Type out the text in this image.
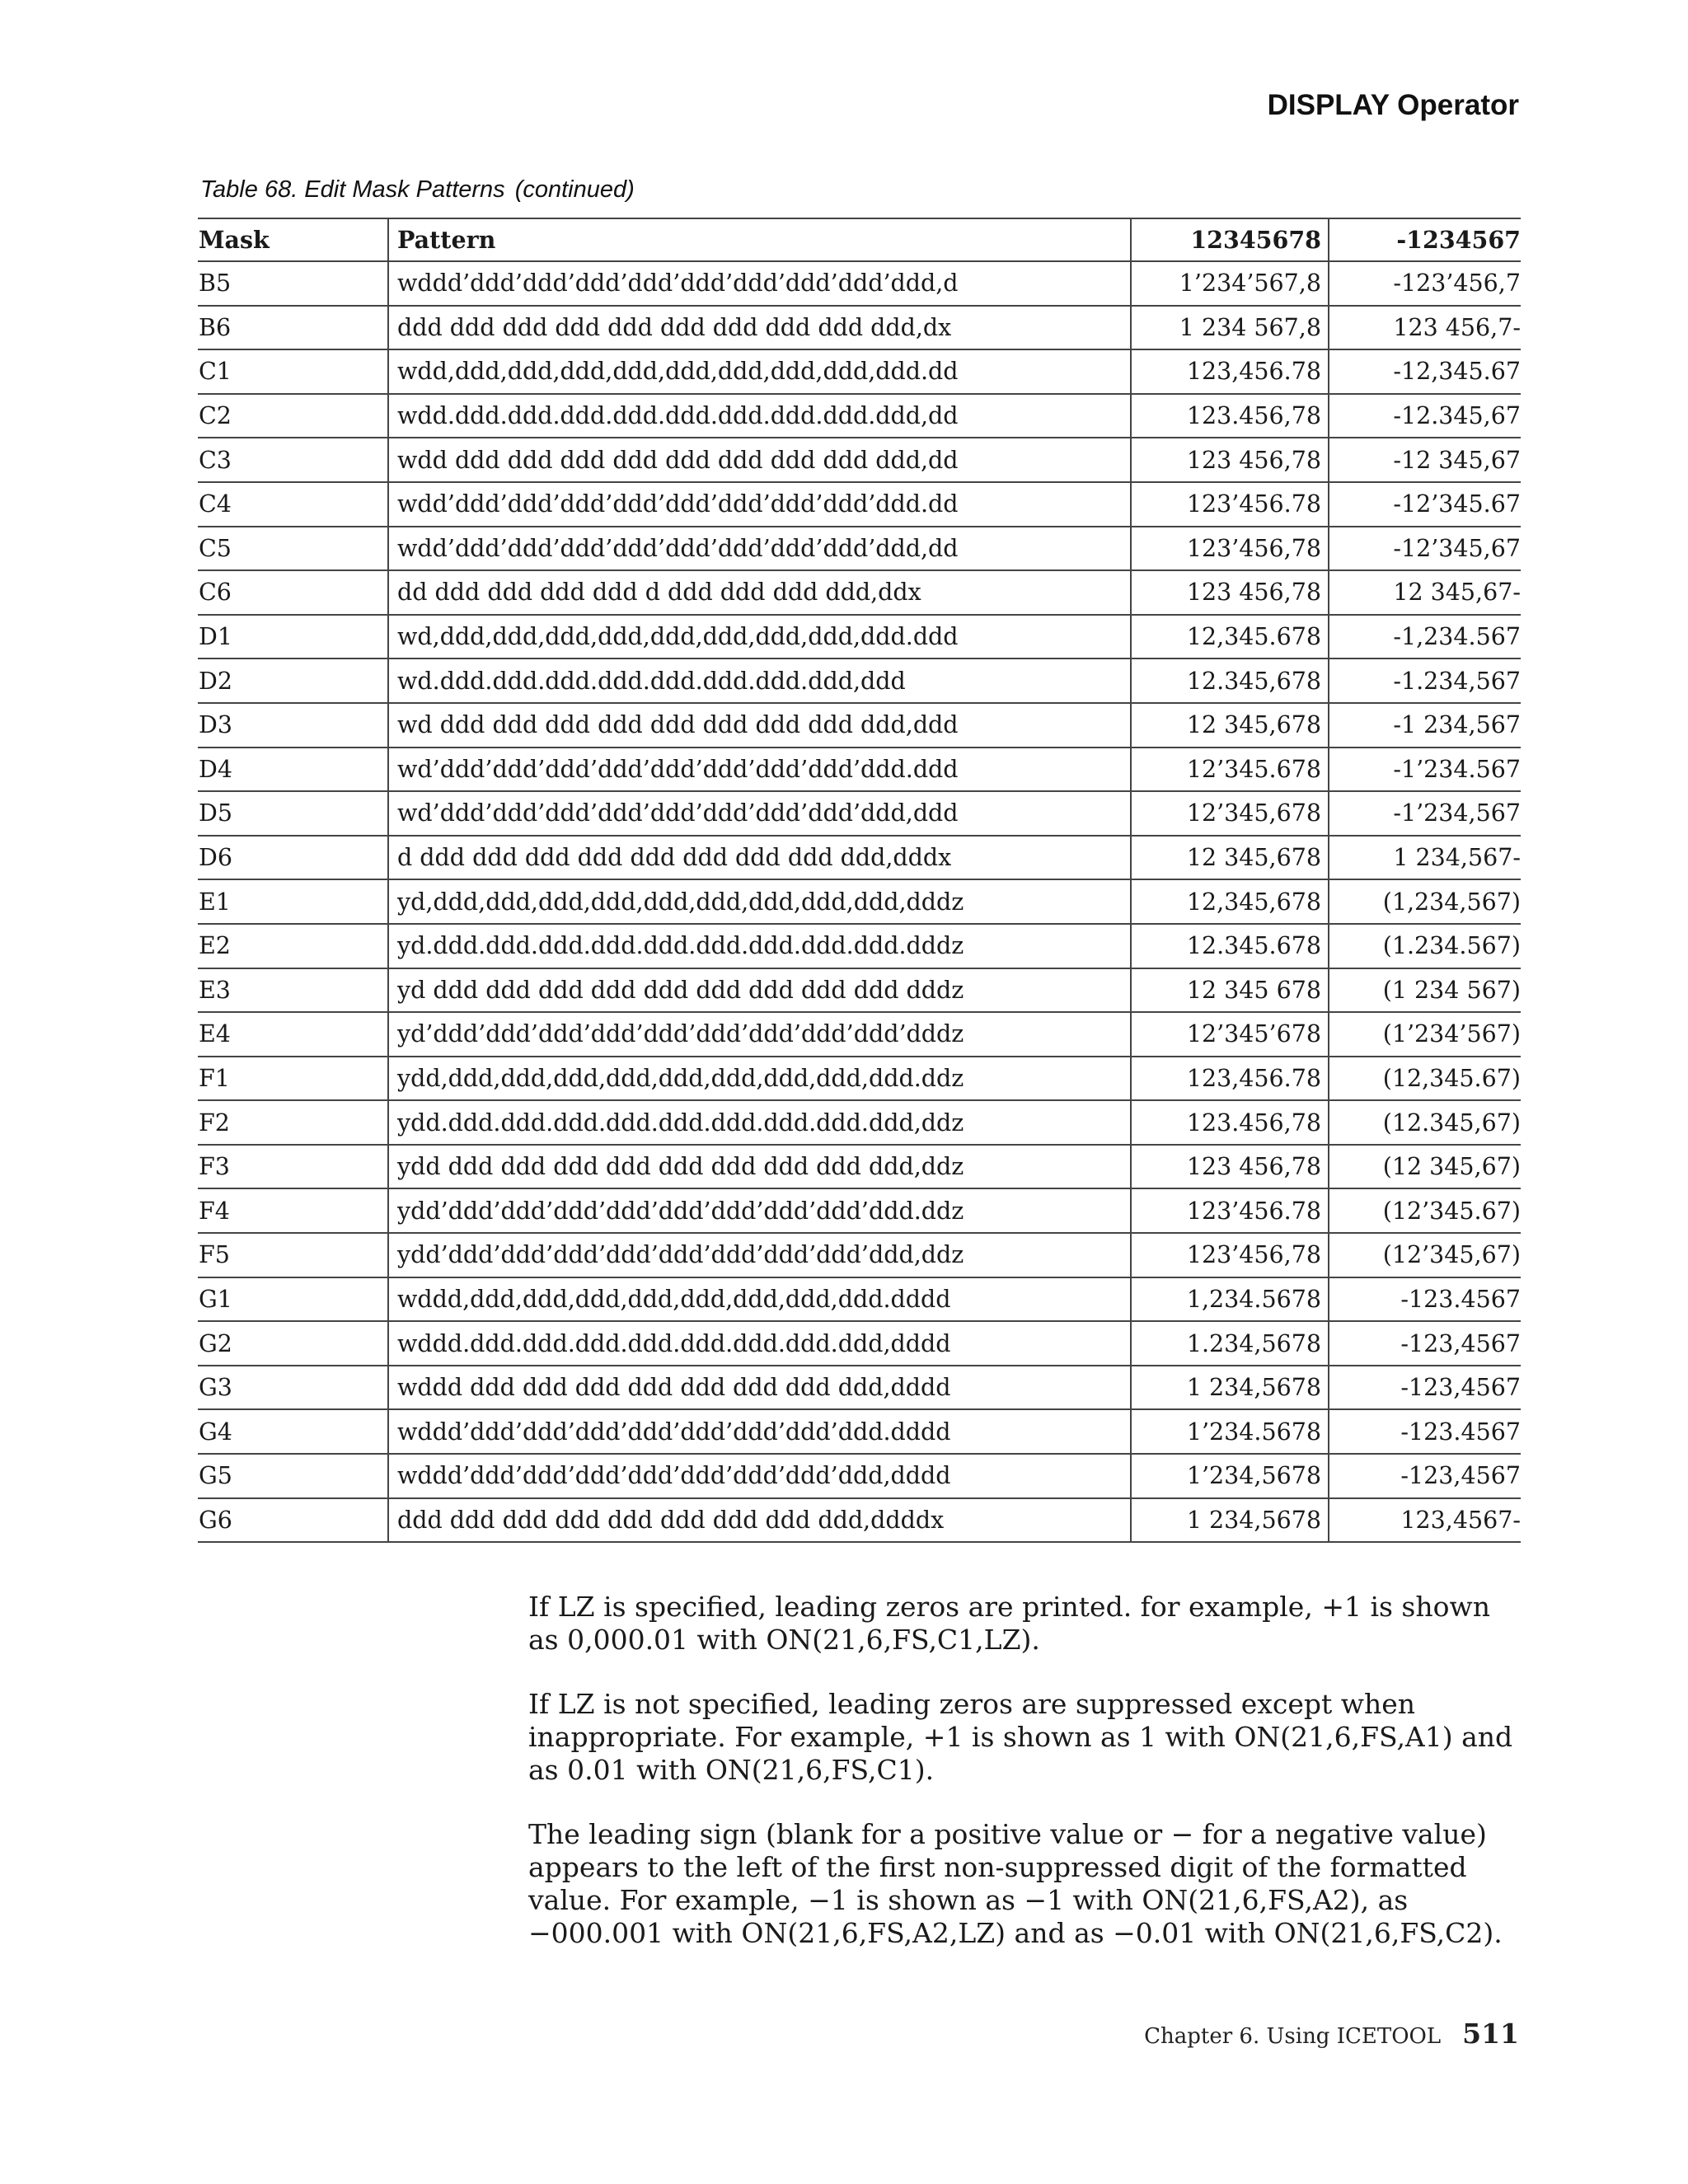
DISPLAY Operator
Table 68. Edit Mask Patterns (continued)
Mask	Pattern	12345678	-1234567
B5	wddd’ddd’ddd’ddd’ddd’ddd’ddd’ddd’ddd’ddd,d	1’234’567,8	-123’456,7
B6	ddd ddd ddd ddd ddd ddd ddd ddd ddd ddd,dx	1 234 567,8	123 456,7-
C1	wdd,ddd,ddd,ddd,ddd,ddd,ddd,ddd,ddd,ddd.dd	123,456.78	-12,345.67
C2	wdd.ddd.ddd.ddd.ddd.ddd.ddd.ddd.ddd.ddd,dd	123.456,78	-12.345,67
C3	wdd ddd ddd ddd ddd ddd ddd ddd ddd ddd,dd	123 456,78	-12 345,67
C4	wdd’ddd’ddd’ddd’ddd’ddd’ddd’ddd’ddd’ddd.dd	123’456.78	-12’345.67
C5	wdd’ddd’ddd’ddd’ddd’ddd’ddd’ddd’ddd’ddd,dd	123’456,78	-12’345,67
C6	dd ddd ddd ddd ddd d ddd ddd ddd ddd,ddx	123 456,78	12 345,67-
D1	wd,ddd,ddd,ddd,ddd,ddd,ddd,ddd,ddd,ddd.ddd	12,345.678	-1,234.567
D2	wd.ddd.ddd.ddd.ddd.ddd.ddd.ddd.ddd,ddd	12.345,678	-1.234,567
D3	wd ddd ddd ddd ddd ddd ddd ddd ddd ddd,ddd	12 345,678	-1 234,567
D4	wd’ddd’ddd’ddd’ddd’ddd’ddd’ddd’ddd’ddd.ddd	12’345.678	-1’234.567
D5	wd’ddd’ddd’ddd’ddd’ddd’ddd’ddd’ddd’ddd,ddd	12’345,678	-1’234,567
D6	d ddd ddd ddd ddd ddd ddd ddd ddd ddd,dddx	12 345,678	1 234,567-
E1	yd,ddd,ddd,ddd,ddd,ddd,ddd,ddd,ddd,ddd,dddz	12,345,678	(1,234,567)
E2	yd.ddd.ddd.ddd.ddd.ddd.ddd.ddd.ddd.ddd.dddz	12.345.678	(1.234.567)
E3	yd ddd ddd ddd ddd ddd ddd ddd ddd ddd dddz	12 345 678	(1 234 567)
E4	yd’ddd’ddd’ddd’ddd’ddd’ddd’ddd’ddd’ddd’dddz	12’345’678	(1’234’567)
F1	ydd,ddd,ddd,ddd,ddd,ddd,ddd,ddd,ddd,ddd.ddz	123,456.78	(12,345.67)
F2	ydd.ddd.ddd.ddd.ddd.ddd.ddd.ddd.ddd.ddd,ddz	123.456,78	(12.345,67)
F3	ydd ddd ddd ddd ddd ddd ddd ddd ddd ddd,ddz	123 456,78	(12 345,67)
F4	ydd’ddd’ddd’ddd’ddd’ddd’ddd’ddd’ddd’ddd.ddz	123’456.78	(12’345.67)
F5	ydd’ddd’ddd’ddd’ddd’ddd’ddd’ddd’ddd’ddd,ddz	123’456,78	(12’345,67)
G1	wddd,ddd,ddd,ddd,ddd,ddd,ddd,ddd,ddd.dddd	1,234.5678	-123.4567
G2	wddd.ddd.ddd.ddd.ddd.ddd.ddd.ddd.ddd,dddd	1.234,5678	-123,4567
G3	wddd ddd ddd ddd ddd ddd ddd ddd ddd,dddd	1 234,5678	-123,4567
G4	wddd’ddd’ddd’ddd’ddd’ddd’ddd’ddd’ddd.dddd	1’234.5678	-123.4567
G5	wddd’ddd’ddd’ddd’ddd’ddd’ddd’ddd’ddd,dddd	1’234,5678	-123,4567
G6	ddd ddd ddd ddd ddd ddd ddd ddd ddd,ddddx	1 234,5678	123,4567-

If LZ is specified, leading zeros are printed. for example, +1 is shown as 0,000.01 with ON(21,6,FS,C1,LZ).

If LZ is not specified, leading zeros are suppressed except when inappropriate. For example, +1 is shown as 1 with ON(21,6,FS,A1) and as 0.01 with ON(21,6,FS,C1).

The leading sign (blank for a positive value or − for a negative value) appears to the left of the first non-suppressed digit of the formatted value. For example, −1 is shown as −1 with ON(21,6,FS,A2), as −000.001 with ON(21,6,FS,A2,LZ) and as −0.01 with ON(21,6,FS,C2).

Chapter 6. Using ICETOOL 511
